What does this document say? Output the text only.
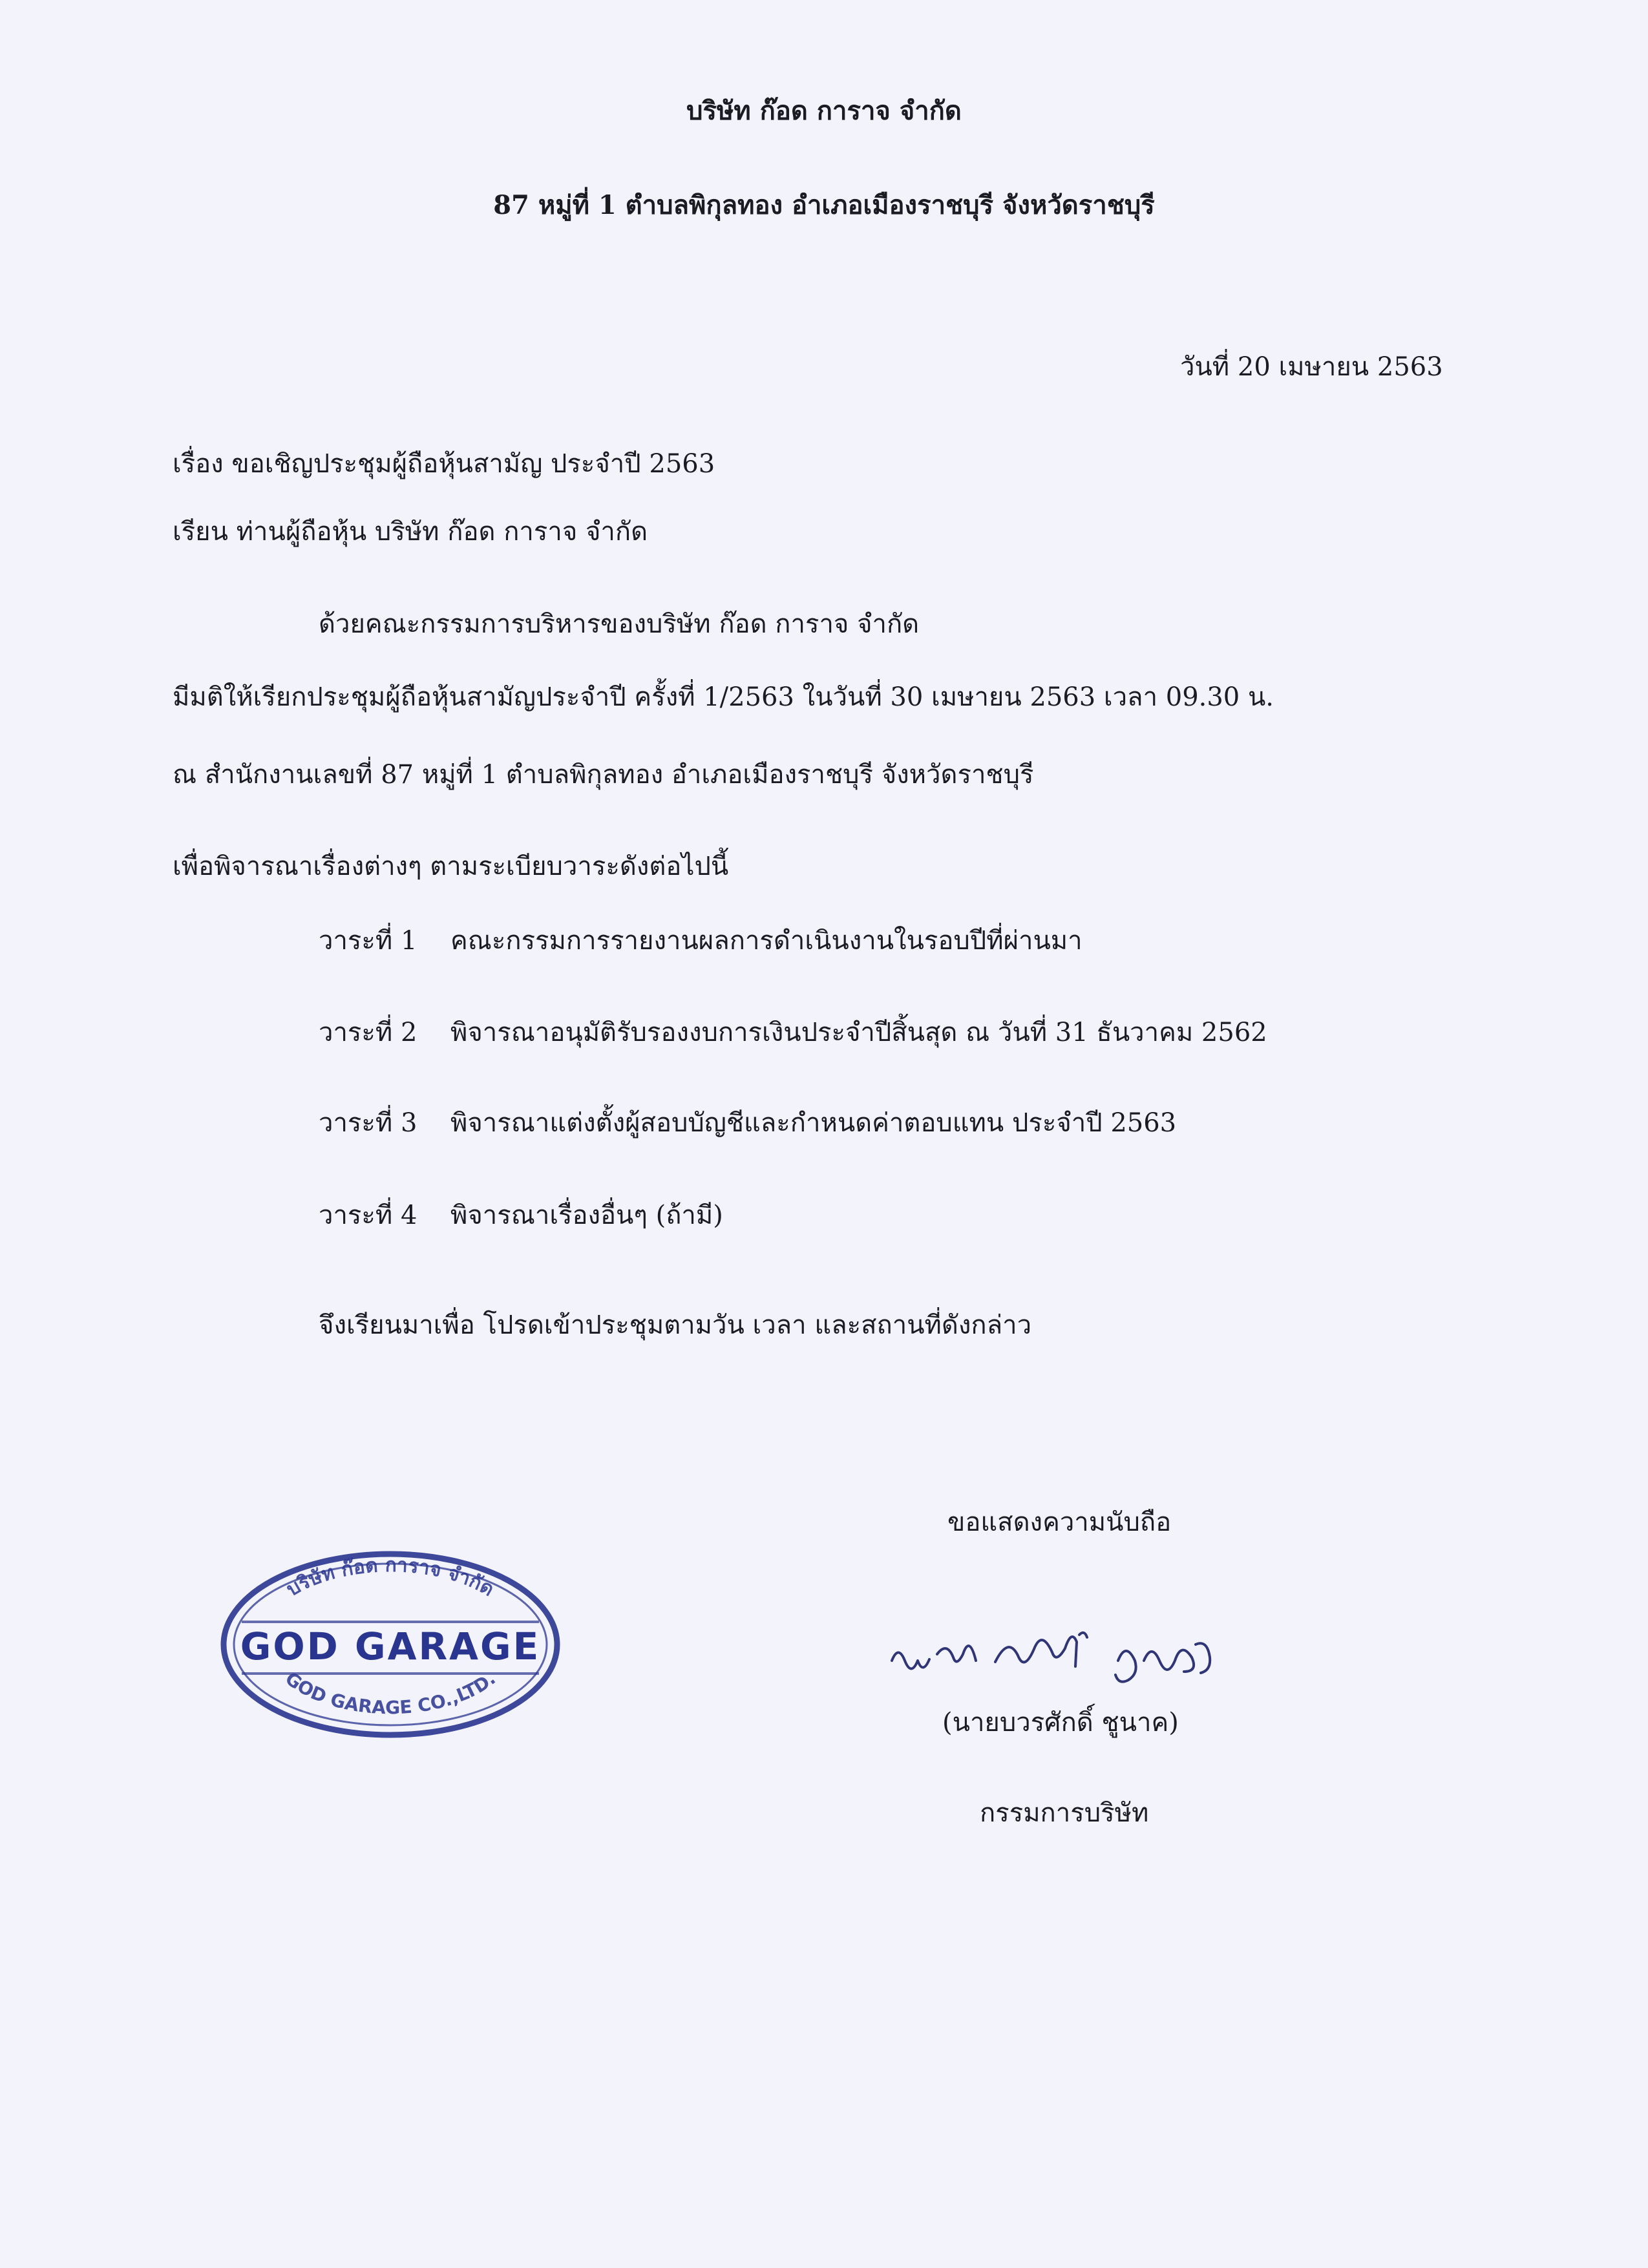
บริษัท ก๊อด การาจ จำกัด
87 หมู่ที่ 1 ตำบลพิกุลทอง อำเภอเมืองราชบุรี จังหวัดราชบุรี
วันที่ 20 เมษายน 2563
เรื่อง ขอเชิญประชุมผู้ถือหุ้นสามัญ ประจำปี 2563
เรียน ท่านผู้ถือหุ้น บริษัท ก๊อด การาจ จำกัด
ด้วยคณะกรรมการบริหารของบริษัท ก๊อด การาจ จำกัด
มีมติให้เรียกประชุมผู้ถือหุ้นสามัญประจำปี ครั้งที่ 1/2563 ในวันที่ 30 เมษายน 2563 เวลา 09.30 น.
ณ สำนักงานเลขที่ 87 หมู่ที่ 1 ตำบลพิกุลทอง อำเภอเมืองราชบุรี จังหวัดราชบุรี
เพื่อพิจารณาเรื่องต่างๆ ตามระเบียบวาระดังต่อไปนี้
วาระที่ 1 คณะกรรมการรายงานผลการดำเนินงานในรอบปีที่ผ่านมา
วาระที่ 2 พิจารณาอนุมัติรับรองงบการเงินประจำปีสิ้นสุด ณ วันที่ 31 ธันวาคม 2562
วาระที่ 3 พิจารณาแต่งตั้งผู้สอบบัญชีและกำหนดค่าตอบแทน ประจำปี 2563
วาระที่ 4 พิจารณาเรื่องอื่นๆ (ถ้ามี)
จึงเรียนมาเพื่อ โปรดเข้าประชุมตามวัน เวลา และสถานที่ดังกล่าว
ขอแสดงความนับถือ
บริษัท ก๊อด การาจ จำกัด
GOD GARAGE
GOD GARAGE CO.,LTD.
(นายบวรศักดิ์ ชูนาค)
กรรมการบริษัท
